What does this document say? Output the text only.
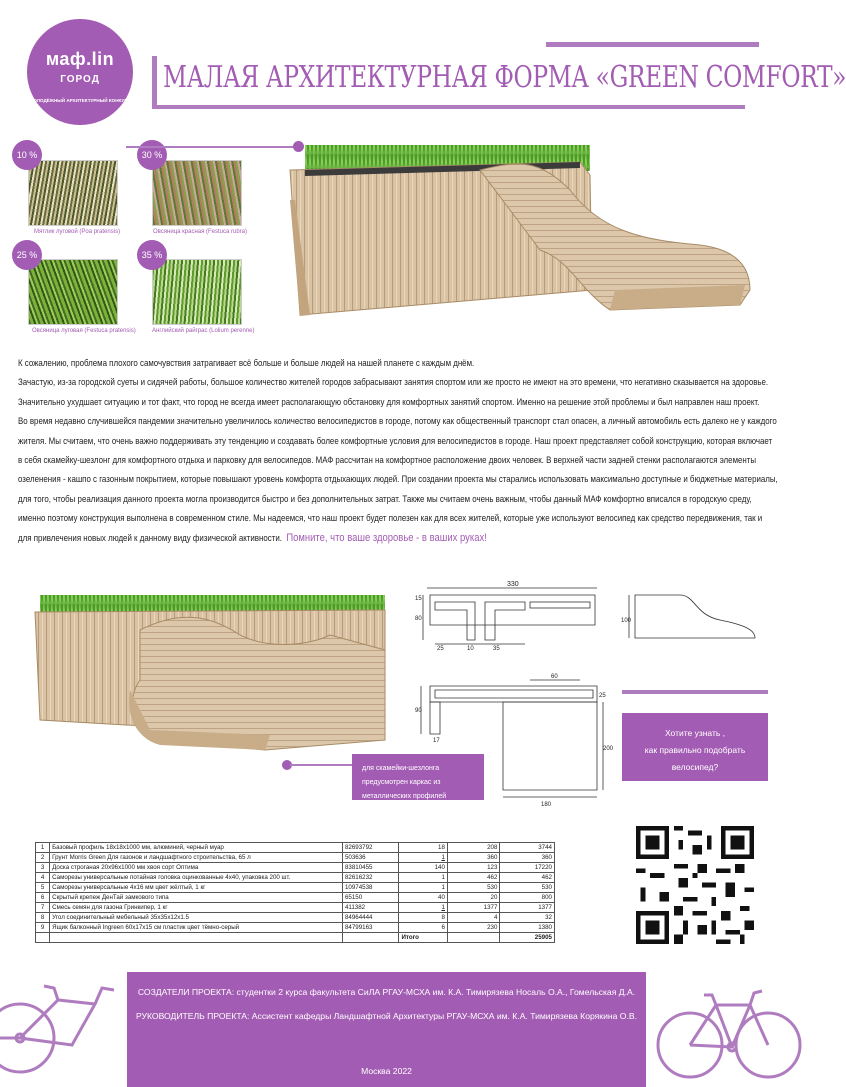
маф.lin
ГОРОД	МАЛАЯ АРХИТЕКТУРНАЯ ФОРМА «GREEN COMFORT»
МОЛОДЁЖНЫЙ АРХИТЕКТУРНЫЙ КОНКУРС
10 %	30 %
25 %	35 %
Мятлик луговой (Poa pratensis)	Овсяница красная (Festuca rubra)
Овсяница луговая (Festuca pratensis)	Английский райграс (Lolium perenne)

К сожалению, проблема плохого самочувствия затрагивает всё больше и больше людей на нашей планете с каждым днём.

Зачастую, из-за городской суеты и сидячей работы, большое количество жителей городов забрасывают занятия спортом или же просто не имеют на это времени, что негативно сказывается на здоровье.

Значительно ухудшает ситуацию и тот факт, что город не всегда имеет располагающую обстановку для комфортных занятий спортом. Именно на решение этой проблемы и был направлен наш проект.

Во время недавно случившейся пандемии значительно увеличилось количество велосипедистов в городе, потому как общественный транспорт стал опасен, а личный автомобиль есть далеко не у каждого

жителя. Мы считаем, что очень важно поддерживать эту тенденцию и создавать более комфортные условия для велосипедистов в городе. Наш проект представляет собой конструкцию, которая включает

в себя скамейку-шезлонг для комфортного отдыха и парковку для велосипедов. МАФ рассчитан на комфортное расположение двоих человек. В верхней части задней стенки располагаются элементы

озеленения - кашпо с газонным покрытием, которые повышают уровень комфорта отдыхающих людей. При создании проекта мы старались использовать максимально доступные и бюджетные материалы,

для того, чтобы реализация данного проекта могла производится быстро и без дополнительных затрат. Также мы считаем очень важным, чтобы данный МАФ комфортно вписался в городскую среду,

именно поэтому конструкция выполнена в современном стиле. Мы надеемся, что наш проект будет полезен как для всех жителей, которые уже используют велосипед как средство передвижения, так и

для привлечения новых людей к данному виду физической активности. Помните, что ваше здоровье - в ваших руках!

для скамейки-шезлонга предусмотрен каркас из металлических профилей
330
15
80
25	10	35
100
60
25
90
17
200
180
Хотите узнать ,
как правильно подобрать велосипед?
1	Базовый профиль 18х18х1000 мм, алюминий, черный муар	82693792	18	208	3744
2	Грунт Morris Green Для газонов и ландшафтного строительства, 65 л	503636	1	360	360
3	Доска строганая 20х96х1000 мм хвоя сорт Оптима	83810455	140	123	17220
4	Саморезы универсальные потайная головка оцинкованные 4х40, упаковка 200 шт.	82616232	1	462	462
5	Саморезы универсальные 4х16 мм цвет жёлтый, 1 кг	10974538	1	530	530
6	Скрытый крепеж ДенТай замкового типа	65150	40	20	800
7	Смесь семян для газона Гринкипер, 1 кг	411382	1	1377	1377
8	Угол соединительный мебельный 35х35х12х1.5	84964444	8	4	32
9	Ящик балконный Ingreen 60х17х15 см пластик цвет тёмно-серый	84799163	6	230	1380
			Итого		25905
СОЗДАТЕЛИ ПРОЕКТА: студентки 2 курса факультета СиЛА РГАУ-МСХА им. К.А. Тимирязева Носаль О.А., Гомельская Д.А.
РУКОВОДИТЕЛЬ ПРОЕКТА: Ассистент кафедры Ландшафтной Архитектуры РГАУ-МСХА им. К.А. Тимирязева Корякина О.В.
Москва 2022
